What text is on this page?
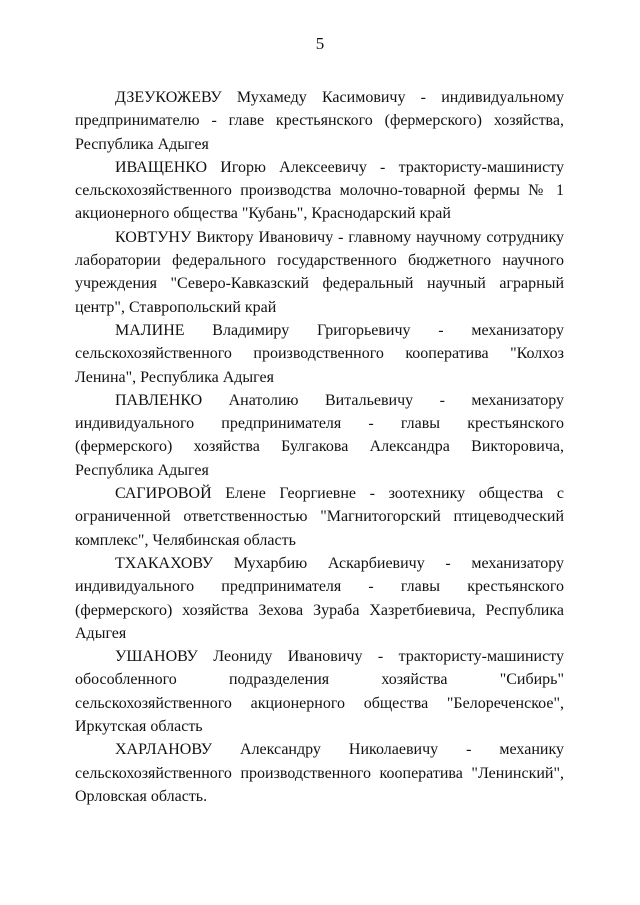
5

ДЗЕУКОЖЕВУ Мухамеду Касимовичу - индивидуальному предпринимателю - главе крестьянского (фермерского) хозяйства, Республика Адыгея

ИВАЩЕНКО Игорю Алексеевичу - трактористу-машинисту сельскохозяйственного производства молочно-товарной фермы № 1 акционерного общества "Кубань", Краснодарский край

КОВТУНУ Виктору Ивановичу - главному научному сотруднику лаборатории федерального государственного бюджетного научного учреждения "Северо-Кавказский федеральный научный аграрный центр", Ставропольский край

МАЛИНЕ Владимиру Григорьевичу - механизатору сельскохозяйственного производственного кооператива "Колхоз Ленина", Республика Адыгея

ПАВЛЕНКО Анатолию Витальевичу - механизатору индивидуального предпринимателя - главы крестьянского (фермерского) хозяйства Булгакова Александра Викторовича, Республика Адыгея

САГИРОВОЙ Елене Георгиевне - зоотехнику общества с ограниченной ответственностью "Магнитогорский птицеводческий комплекс", Челябинская область

ТХАКАХОВУ Мухарбию Аскарбиевичу - механизатору индивидуального предпринимателя - главы крестьянского (фермерского) хозяйства Зехова Зураба Хазретбиевича, Республика Адыгея

УШАНОВУ Леониду Ивановичу - трактористу-машинисту обособленного подразделения хозяйства "Сибирь" сельскохозяйственного акционерного общества "Белореченское", Иркутская область

ХАРЛАНОВУ Александру Николаевичу - механику сельскохозяйственного производственного кооператива "Ленинский", Орловская область.
